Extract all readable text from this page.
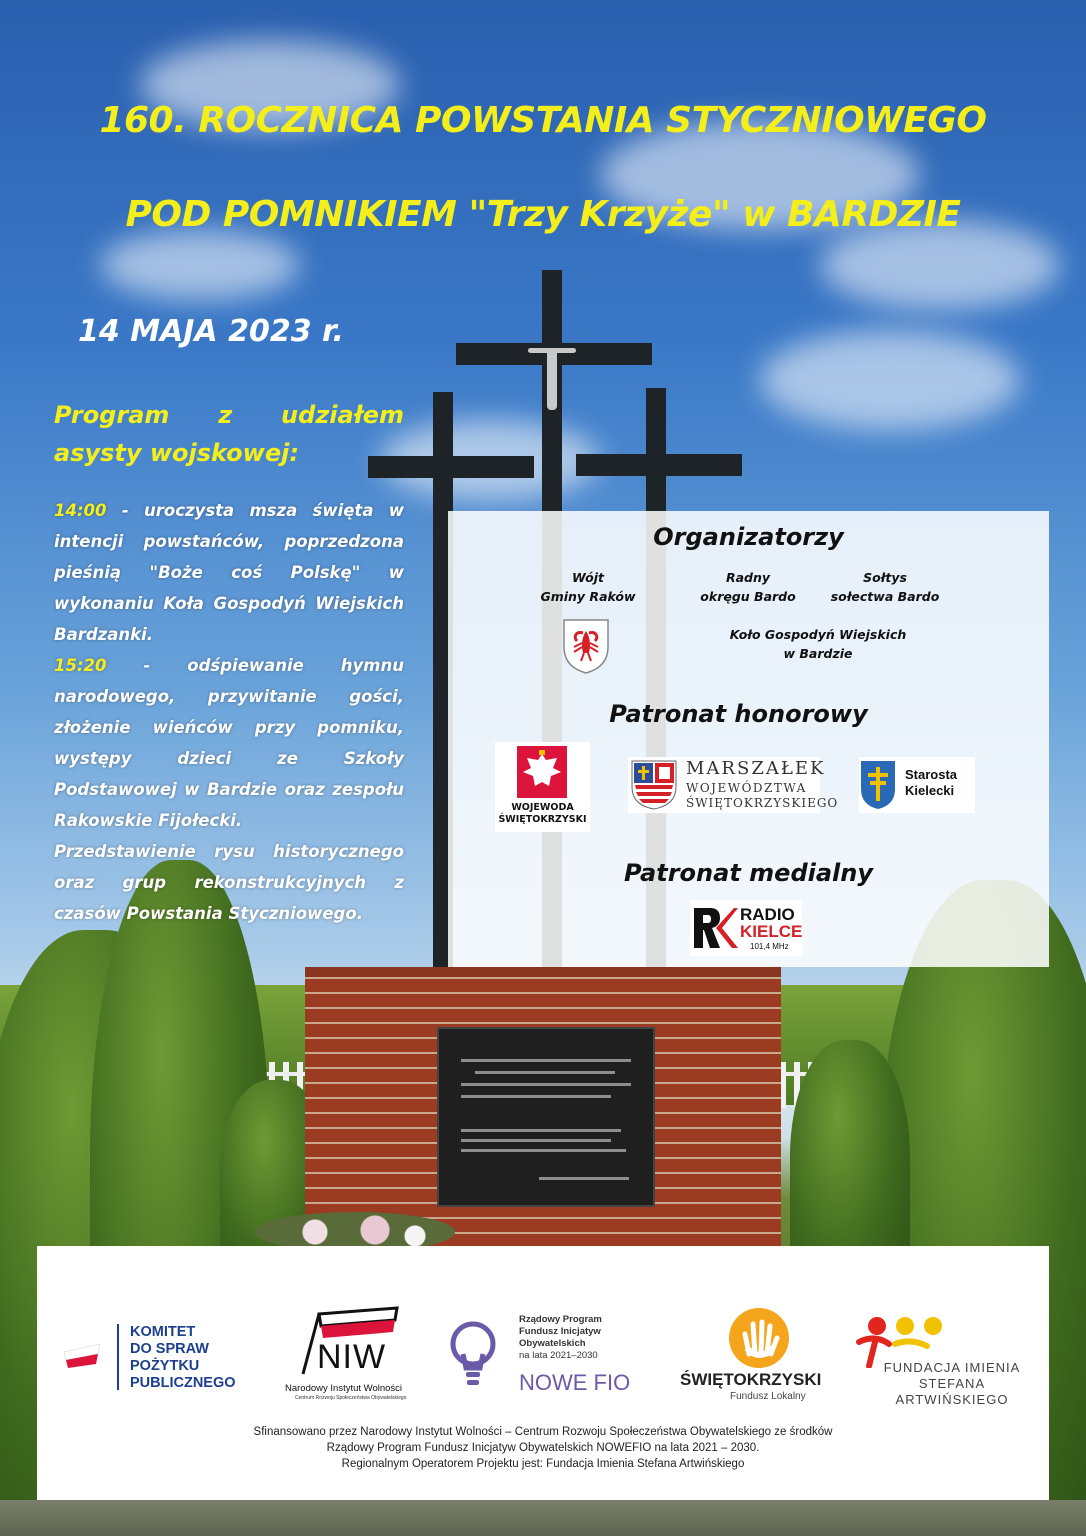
160. ROCZNICA POWSTANIA STYCZNIOWEGO
POD POMNIKIEM "Trzy Krzyże" w BARDZIE
14 MAJA 2023 r.
Program z udziałem asysty wojskowej:

14:00 - uroczysta msza święta w intencji powstańców, poprzedzona pieśnią "Boże coś Polskę" w wykonaniu Koła Gospodyń Wiejskich Bardzanki.

15:20 - odśpiewanie hymnu narodowego, przywitanie gości, złożenie wieńców przy pomniku, występy dzieci ze Szkoły Podstawowej w Bardzie oraz zespołu Rakowskie Fijołecki.

Przedstawienie rysu historycznego oraz grup rekonstrukcyjnych z czasów Powstania Styczniowego.

Organizatorzy
Wójt
Gminy Raków
Radny
okręgu Bardo
Sołtys
sołectwa Bardo
Koło Gospodyń Wiejskich
w Bardzie
Patronat honorowy
WOJEWODA
ŚWIĘTOKRZYSKI
MARSZAŁEK
WOJEWÓDZTWA
ŚWIĘTOKRZYSKIEGO
Starosta
Kielecki
Patronat medialny
RADIO
KIELCE
101,4 MHz
KOMITET
DO SPRAW
POŻYTKU
PUBLICZNEGO
NIW
Narodowy Instytut Wolności
Centrum Rozwoju Społeczeństwa Obywatelskiego
Rządowy Program
Fundusz Inicjatyw
Obywatelskich
na lata 2021–2030
NOWE FIO	ŚWIĘTOKRZYSKI
Fundusz Lokalny
FUNDACJA IMIENIA
STEFANA ARTWIŃSKIEGO
Sfinansowano przez Narodowy Instytut Wolności – Centrum Rozwoju Społeczeństwa Obywatelskiego ze środków
Rządowy Program Fundusz Inicjatyw Obywatelskich NOWEFIO na lata 2021 – 2030.
Regionalnym Operatorem Projektu jest: Fundacja Imienia Stefana Artwińskiego
